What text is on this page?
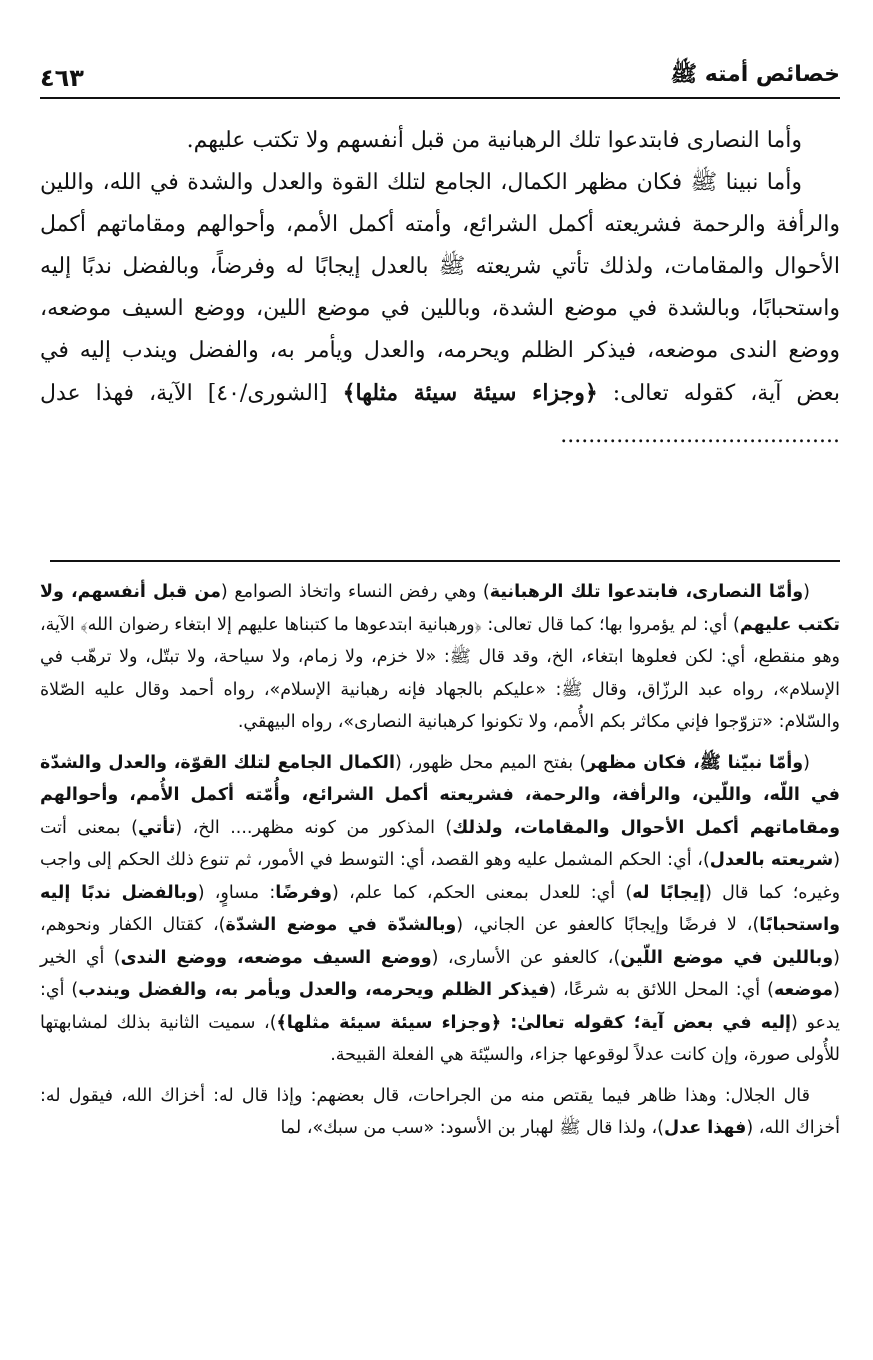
خصائص أمته ﷺ
٤٦٣

وأما النصارى فابتدعوا تلك الرهبانية من قبل أنفسهم ولا تكتب عليهم.

وأما نبينا ﷺ فكان مظهر الكمال، الجامع لتلك القوة والعدل والشدة في الله، واللين والرأفة والرحمة فشريعته أكمل الشرائع، وأمته أكمل الأمم، وأحوالهم ومقاماتهم أكمل الأحوال والمقامات، ولذلك تأتي شريعته ﷺ بالعدل إيجابًا له وفرضاً، وبالفضل ندبًا إليه واستحبابًا، وبالشدة في موضع الشدة، وباللين في موضع اللين، ووضع السيف موضعه، ووضع الندى موضعه، فيذكر الظلم ويحرمه، والعدل ويأمر به، والفضل ويندب إليه في بعض آية، كقوله تعالى: ﴿وجزاء سيئة سيئة مثلها﴾ [الشورى/٤٠] الآية، فهذا عدل ........................................

(وأمّا النصارى، فابتدعوا تلك الرهبانية) وهي رفض النساء واتخاذ الصوامع (من قبل أنفسهم، ولا تكتب عليهم) أي: لم يؤمروا بها؛ كما قال تعالى: ﴿ورهبانية ابتدعوها ما كتبناها عليهم إلا ابتغاء رضوان الله﴾ الآية، وهو منقطع، أي: لكن فعلوها ابتغاء، الخ، وقد قال ﷺ: «لا خزم، ولا زمام، ولا سياحة، ولا تبتّل، ولا ترهّب في الإسلام»، رواه عبد الرزّاق، وقال ﷺ: «عليكم بالجهاد فإنه رهبانية الإسلام»، رواه أحمد وقال عليه الصّلاة والسّلام: «تزوّجوا فإني مكاثر بكم الأُمم، ولا تكونوا كرهبانية النصارى»، رواه البيهقي.

(وأمّا نبيّنا ﷺ، فكان مظهر) بفتح الميم محل ظهور، (الكمال الجامع لتلك القوّة، والعدل والشدّة في اللّه، واللّين، والرأفة، والرحمة، فشريعته أكمل الشرائع، وأُمّته أكمل الأُمم، وأحوالهم ومقاماتهم أكمل الأحوال والمقامات، ولذلك) المذكور من كونه مظهر.... الخ، (تأتي) بمعنى أتت (شريعته بالعدل)، أي: الحكم المشمل عليه وهو القصد، أي: التوسط في الأمور، ثم تنوع ذلك الحكم إلى واجب وغيره؛ كما قال (إيجابًا له) أي: للعدل بمعنى الحكم، كما علم، (وفرضًا: مساوٍ، (وبالفضل ندبًا إليه واستحبابًا)، لا فرضًا وإيجابًا كالعفو عن الجاني، (وبالشدّة في موضع الشدّة)، كقتال الكفار ونحوهم، (وباللين في موضع اللّين)، كالعفو عن الأسارى، (ووضع السيف موضعه، ووضع الندى) أي الخير (موضعه) أي: المحل اللائق به شرعًا، (فيذكر الظلم ويحرمه، والعدل ويأمر به، والفضل ويندب) أي: يدعو (إليه في بعض آية؛ كقوله تعالىٰ: ﴿وجزاء سيئة سيئة مثلها﴾)، سميت الثانية بذلك لمشابهتها للأُولى صورة، وإن كانت عدلاً لوقوعها جزاء، والسيّئة هي الفعلة القبيحة.

قال الجلال: وهذا ظاهر فيما يقتص منه من الجراحات، قال بعضهم: وإذا قال له: أخزاك الله، فيقول له: أخزاك الله، (فهذا عدل)، ولذا قال ﷺ لهبار بن الأسود: «سب من سبك»، لما
